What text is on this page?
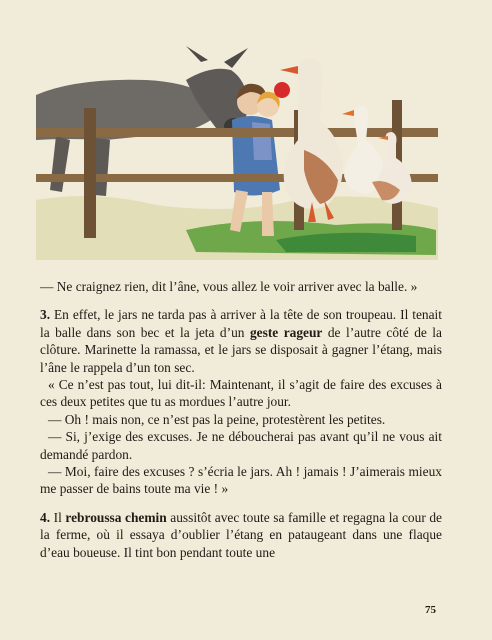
— Ne craignez rien, dit l’âne, vous allez le voir arriver avec la balle. »

3. En effet, le jars ne tarda pas à arriver à la tête de son troupeau. Il tenait la balle dans son bec et la jeta d’un geste rageur de l’autre côté de la clôture. Marinette la ramassa, et le jars se disposait à gagner l’étang, mais l’âne le rappela d’un ton sec.

« Ce n’est pas tout, lui dit-il: Maintenant, il s’agit de faire des excuses à ces deux petites que tu as mordues l’autre jour.

— Oh ! mais non, ce n’est pas la peine, protestèrent les petites.

— Si, j’exige des excuses. Je ne déboucherai pas avant qu’il ne vous ait demandé pardon.

— Moi, faire des excuses ? s’écria le jars. Ah ! jamais ! J’aimerais mieux me passer de bains toute ma vie ! »

4. Il rebroussa chemin aussitôt avec toute sa famille et regagna la cour de la ferme, où il essaya d’oublier l’étang en pataugeant dans une flaque d’eau boueuse. Il tint bon pendant toute une

75
